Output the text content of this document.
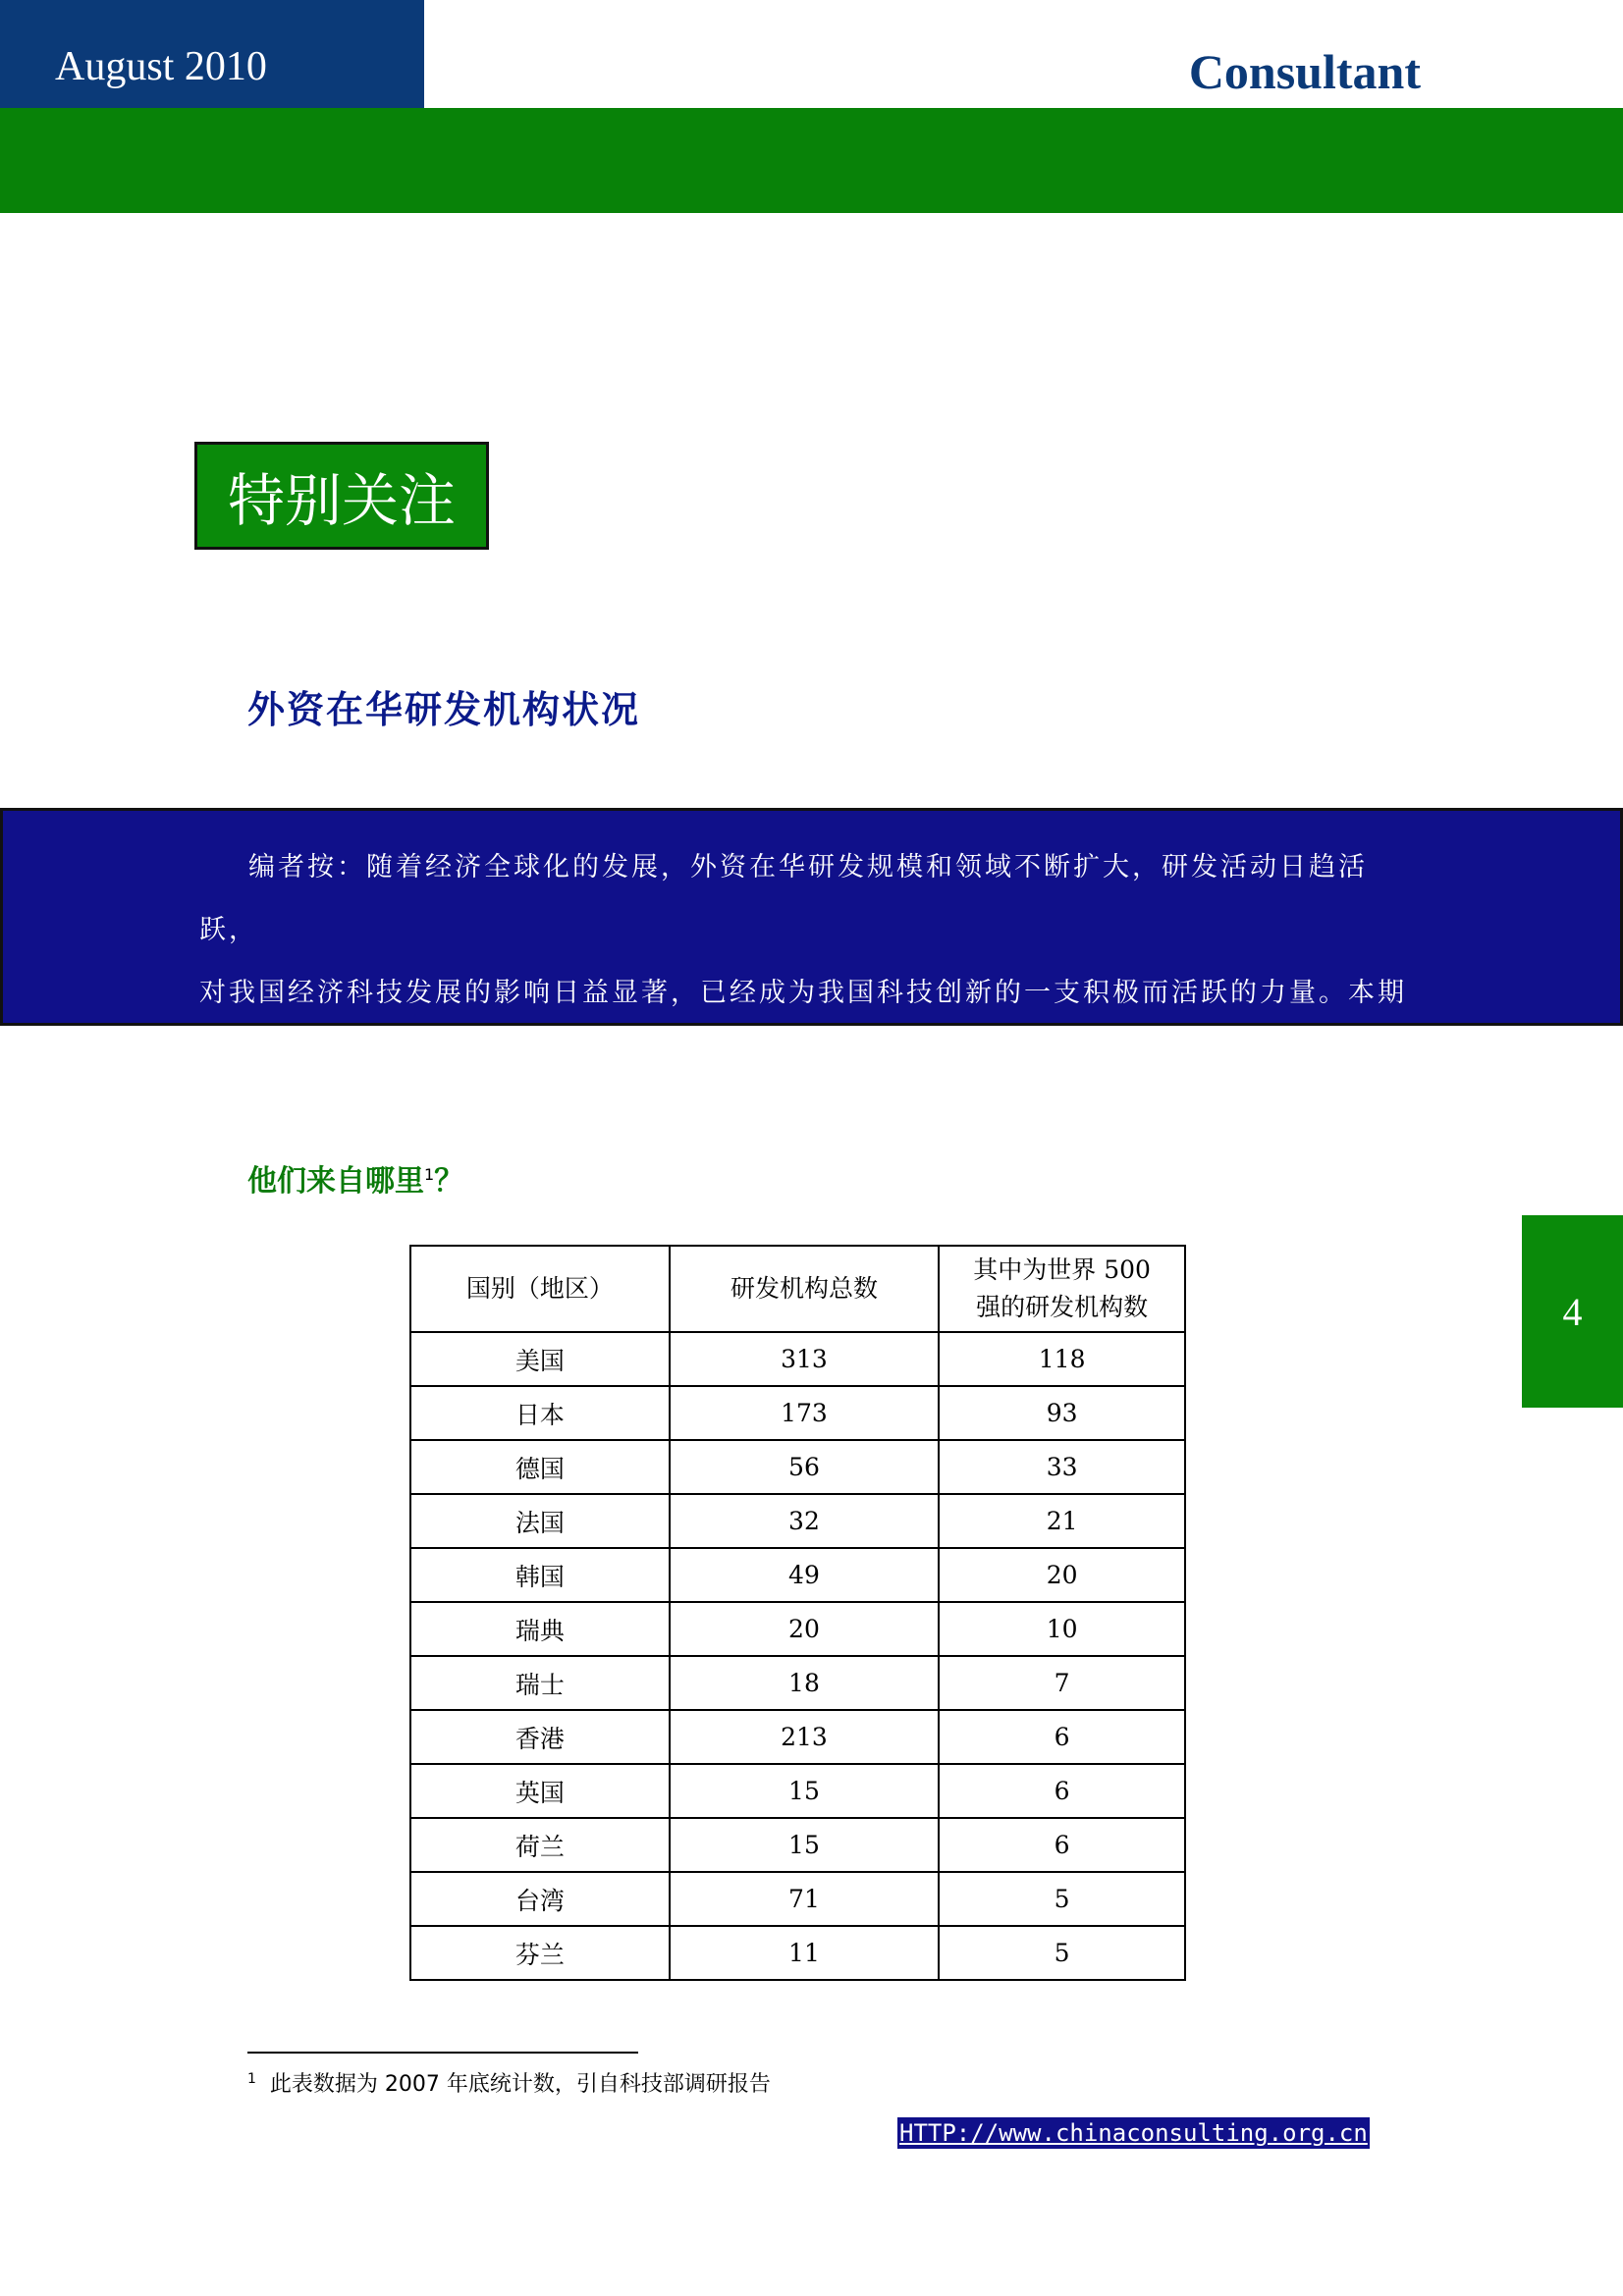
August 2010	Consultant
特别关注
外资在华研发机构状况

编者按：随着经济全球化的发展，外资在华研发规模和领域不断扩大，研发活动日趋活跃，

对我国经济科技发展的影响日益显著，已经成为我国科技创新的一支积极而活跃的力量。本期会

刊收集部分信息和数据，帮助业界人员了解有关情况，在相关研究和咨询工作中参考。

他们来自哪里$^1$？
4
国别（地区）	研发机构总数	其中为世界 500
强的研发机构数

美国	313	118
日本	173	93
德国	56	33
法国	32	21
韩国	49	20
瑞典	20	10
瑞士	18	7
香港	213	6
英国	15	6
荷兰	15	6
台湾	71	5
芬兰	11	5
$^1$ 此表数据为 2007 年底统计数，引自科技部调研报告
HTTP://www.chinaconsulting.org.cn
